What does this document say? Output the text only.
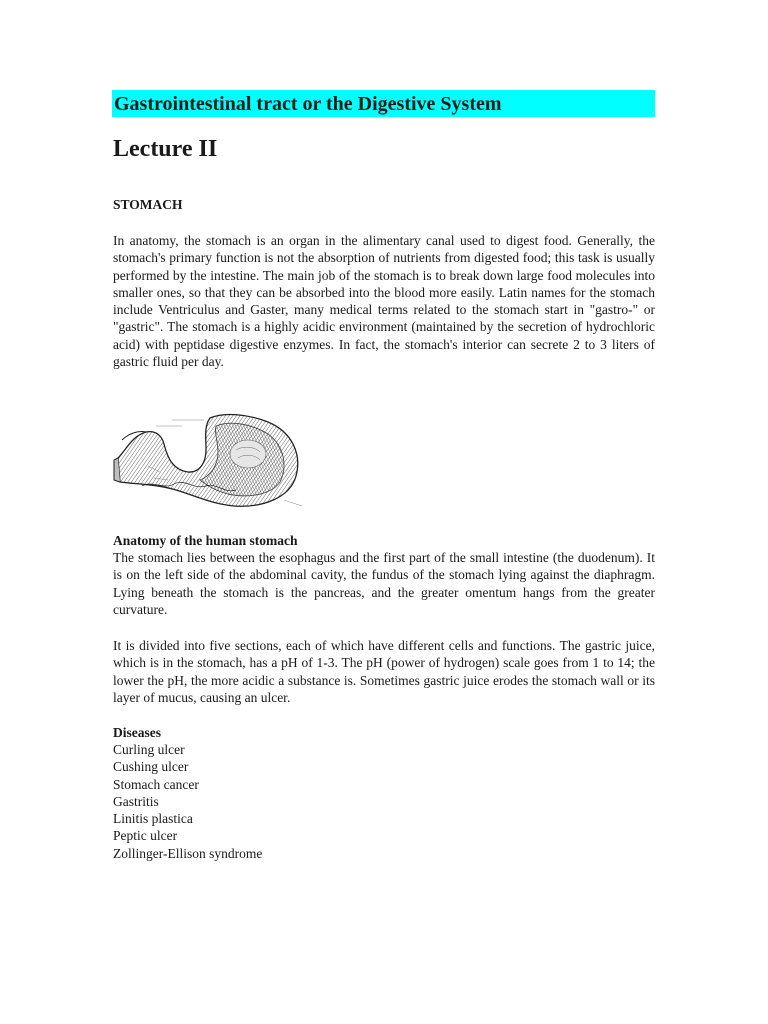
Gastrointestinal tract or the Digestive System
Lecture II
STOMACH

In anatomy, the stomach is an organ in the alimentary canal used to digest food. Generally, the stomach's primary function is not the absorption of nutrients from digested food; this task is usually performed by the intestine. The main job of the stomach is to break down large food molecules into smaller ones, so that they can be absorbed into the blood more easily. Latin names for the stomach include Ventriculus and Gaster, many medical terms related to the stomach start in "gastro-" or "gastric". The stomach is a highly acidic environment (maintained by the secretion of hydrochloric acid) with peptidase digestive enzymes. In fact, the stomach's interior can secrete 2 to 3 liters of gastric fluid per day.

Anatomy of the human stomach

The stomach lies between the esophagus and the first part of the small intestine (the duodenum). It is on the left side of the abdominal cavity, the fundus of the stomach lying against the diaphragm. Lying beneath the stomach is the pancreas, and the greater omentum hangs from the greater curvature.

It is divided into five sections, each of which have different cells and functions. The gastric juice, which is in the stomach, has a pH of 1-3. The pH (power of hydrogen) scale goes from 1 to 14; the lower the pH, the more acidic a substance is. Sometimes gastric juice erodes the stomach wall or its layer of mucus, causing an ulcer.

Diseases
Curling ulcer
Cushing ulcer
Stomach cancer
Gastritis
Linitis plastica
Peptic ulcer
Zollinger-Ellison syndrome
